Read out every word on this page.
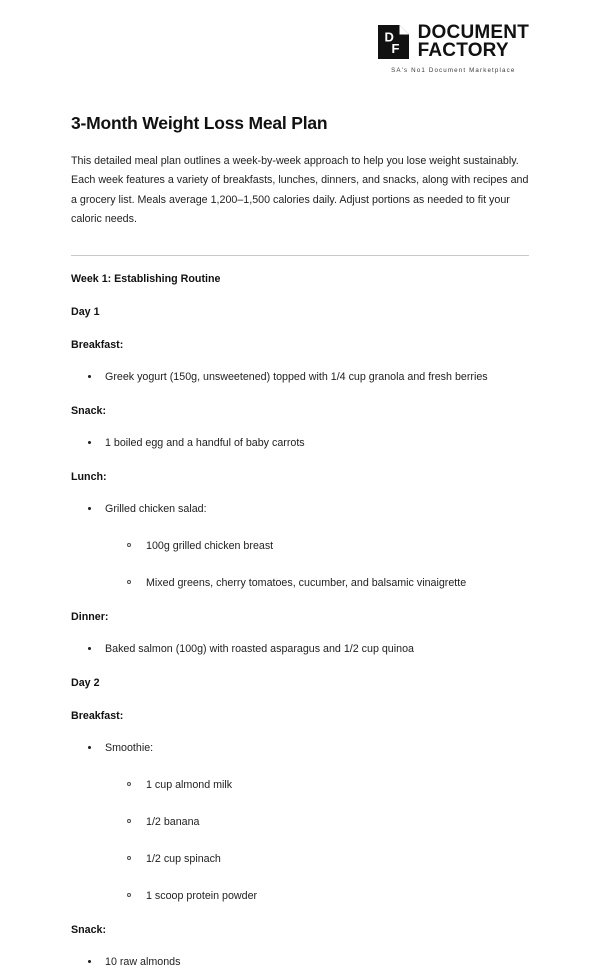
D
F
DOCUMENT
FACTORY
SA's No1 Document Marketplace
3-Month Weight Loss Meal Plan

This detailed meal plan outlines a week-by-week approach to help you lose weight sustainably. Each week features a variety of breakfasts, lunches, dinners, and snacks, along with recipes and a grocery list. Meals average 1,200–1,500 calories daily. Adjust portions as needed to fit your caloric needs.

Week 1: Establishing Routine
Day 1
Breakfast:
Greek yogurt (150g, unsweetened) topped with 1/4 cup granola and fresh berries
Snack:
1 boiled egg and a handful of baby carrots
Lunch:
Grilled chicken salad:
100g grilled chicken breast
Mixed greens, cherry tomatoes, cucumber, and balsamic vinaigrette
Dinner:
Baked salmon (100g) with roasted asparagus and 1/2 cup quinoa
Day 2
Breakfast:
Smoothie:
1 cup almond milk
1/2 banana
1/2 cup spinach
1 scoop protein powder
Snack:
10 raw almonds
